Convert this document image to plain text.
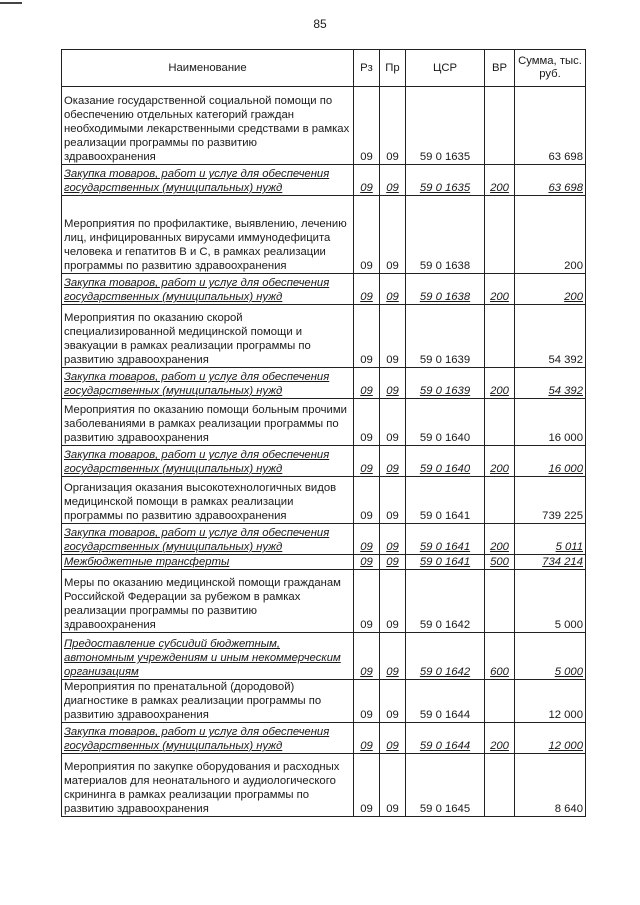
85
Наименование	Рз	Пр	ЦСР	ВР	Сумма, тыс. руб.
Оказание государственной социальной помощи по обеспечению отдельных категорий граждан необходимыми лекарственными средствами в рамках реализации программы по развитию здравоохранения	09	09	59 0 1635		63 698
Закупка товаров, работ и услуг для обеспечения государственных (муниципальных) нужд	09	09	59 0 1635	200	63 698
Мероприятия по профилактике, выявлению, лечению лиц, инфицированных вирусами иммунодефицита человека и гепатитов В и С, в рамках реализации программы по развитию здравоохранения	09	09	59 0 1638		200
Закупка товаров, работ и услуг для обеспечения государственных (муниципальных) нужд	09	09	59 0 1638	200	200
Мероприятия по оказанию скорой специализированной медицинской помощи и эвакуации в рамках реализации программы по развитию здравоохранения	09	09	59 0 1639		54 392
Закупка товаров, работ и услуг для обеспечения государственных (муниципальных) нужд	09	09	59 0 1639	200	54 392
Мероприятия по оказанию помощи больным прочими заболеваниями в рамках реализации программы по развитию здравоохранения	09	09	59 0 1640		16 000
Закупка товаров, работ и услуг для обеспечения государственных (муниципальных) нужд	09	09	59 0 1640	200	16 000
Организация оказания высокотехнологичных видов медицинской помощи в рамках реализации программы по развитию здравоохранения	09	09	59 0 1641		739 225
Закупка товаров, работ и услуг для обеспечения государственных (муниципальных) нужд	09	09	59 0 1641	200	5 011
Межбюджетные трансферты	09	09	59 0 1641	500	734 214
Меры по оказанию медицинской помощи гражданам Российской Федерации за рубежом в рамках реализации программы по развитию здравоохранения	09	09	59 0 1642		5 000
Предоставление субсидий бюджетным, автономным учреждениям и иным некоммерческим организациям	09	09	59 0 1642	600	5 000
Мероприятия по пренатальной (дородовой) диагностике в рамках реализации программы по развитию здравоохранения	09	09	59 0 1644		12 000
Закупка товаров, работ и услуг для обеспечения государственных (муниципальных) нужд	09	09	59 0 1644	200	12 000
Мероприятия по закупке оборудования и расходных материалов для неонатального и аудиологического скрининга в рамках реализации программы по развитию здравоохранения	09	09	59 0 1645		8 640
